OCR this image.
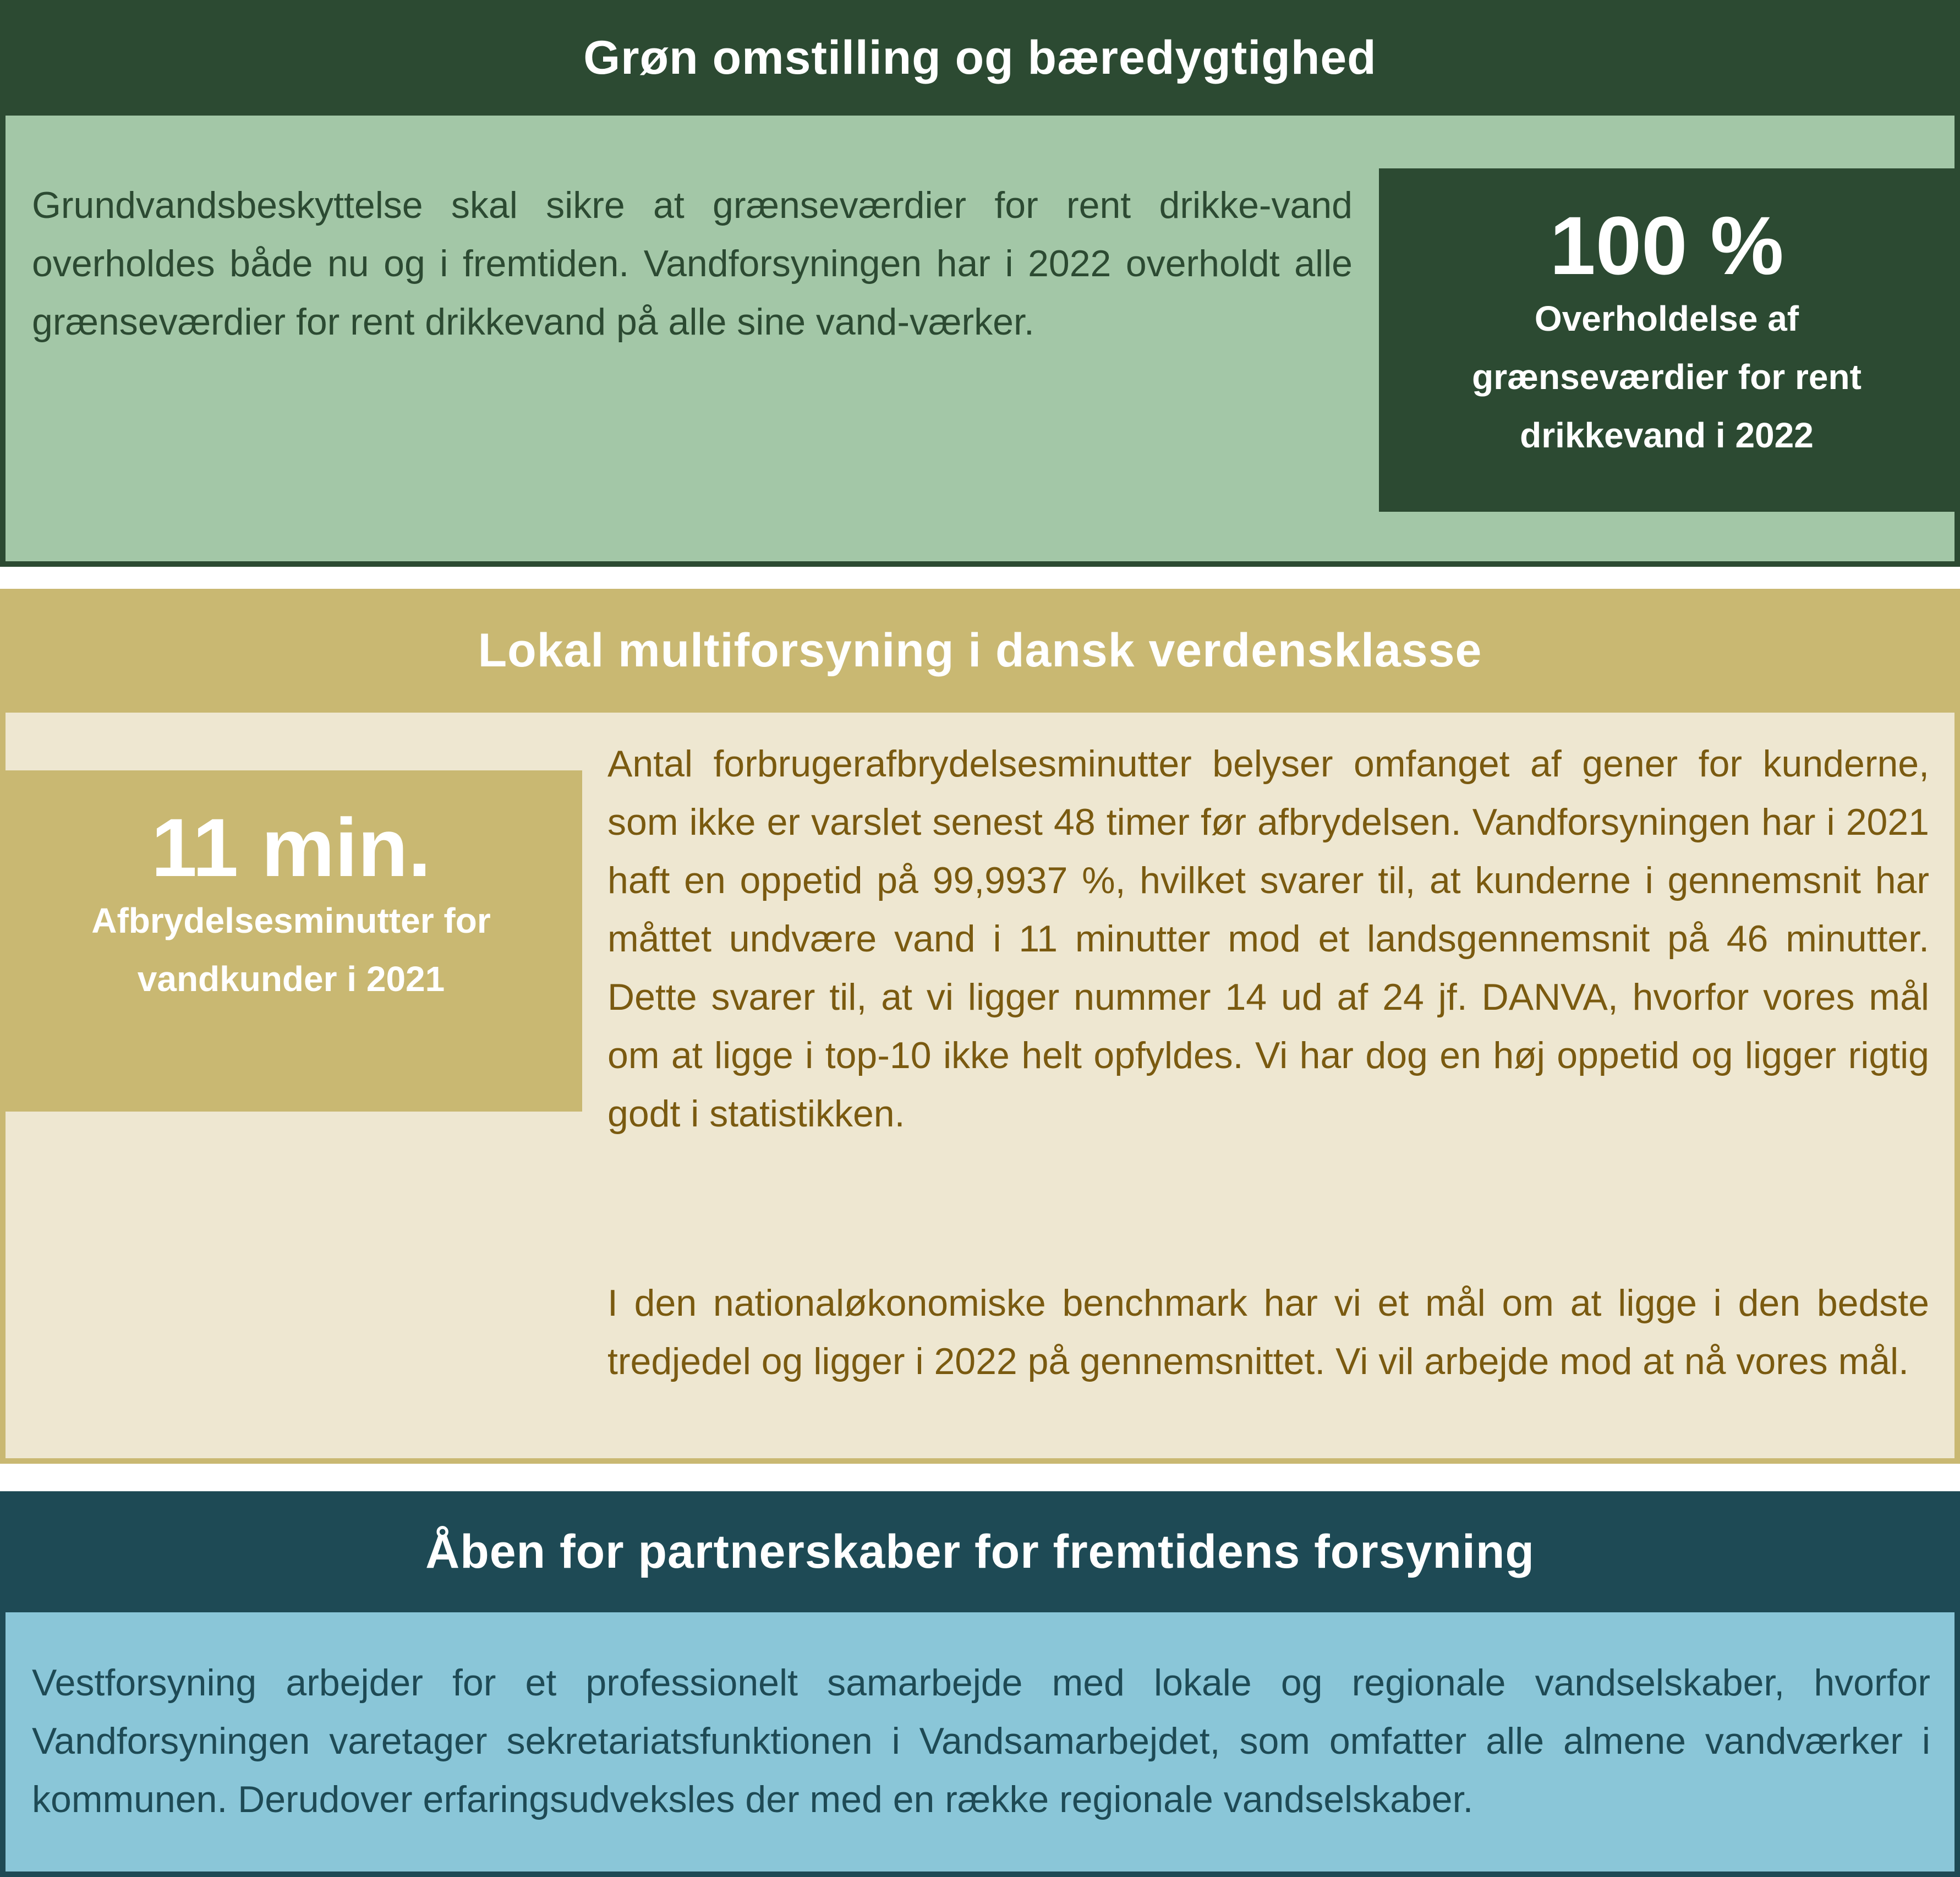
Grøn omstilling og bæredygtighed

Grundvandsbeskyttelse skal sikre at grænseværdier for rent drikke-vand overholdes både nu og i fremtiden. Vandforsyningen har i 2022 overholdt alle grænseværdier for rent drikkevand på alle sine vand-værker.

100 %
Overholdelse af grænseværdier for rent drikkevand i 2022
Lokal multiforsyning i dansk verdensklasse
11 min.
Afbrydelsesminutter for vandkunder i 2021

Antal forbrugerafbrydelsesminutter belyser omfanget af gener for kunderne, som ikke er varslet senest 48 timer før afbrydelsen. Vandforsyningen har i 2021 haft en oppetid på 99,9937 %, hvilket svarer til, at kunderne i gennemsnit har måttet undvære vand i 11 minutter mod et landsgennemsnit på 46 minutter. Dette svarer til, at vi ligger nummer 14 ud af 24 jf. DANVA, hvorfor vores mål om at ligge i top-10 ikke helt opfyldes. Vi har dog en høj oppetid og ligger rigtig godt i statistikken.

I den nationaløkonomiske benchmark har vi et mål om at ligge i den bedste tredjedel og ligger i 2022 på gennemsnittet. Vi vil arbejde mod at nå vores mål.

Åben for partnerskaber for fremtidens forsyning

Vestforsyning arbejder for et professionelt samarbejde med lokale og regionale vandselskaber, hvorfor Vandforsyningen varetager sekretariatsfunktionen i Vandsamarbejdet, som omfatter alle almene vandværker i kommunen. Derudover erfaringsudveksles der med en række regionale vandselskaber.
